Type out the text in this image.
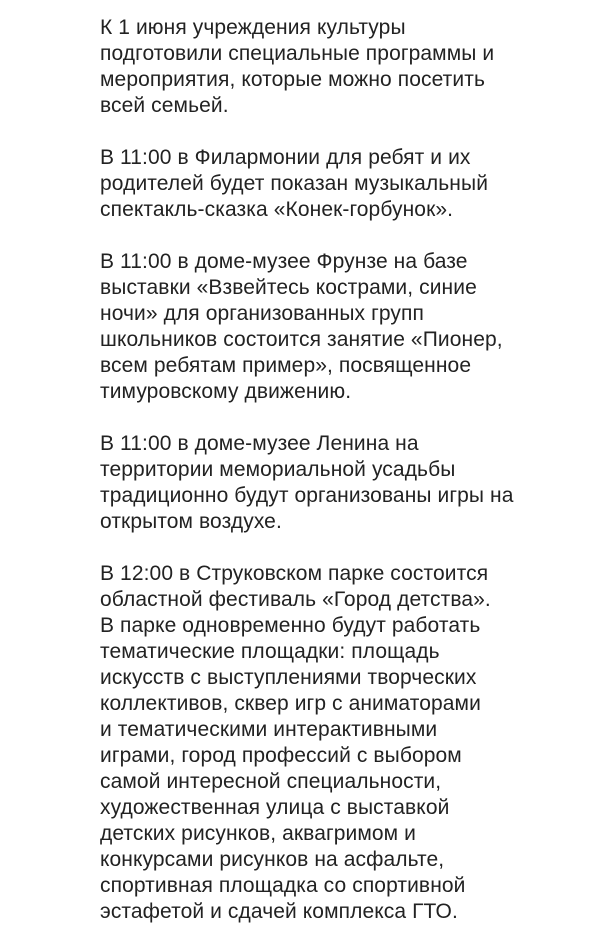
К 1 июня учреждения культуры
подготовили специальные программы и
мероприятия, которые можно посетить
всей семьей.

В 11:00 в Филармонии для ребят и их
родителей будет показан музыкальный
спектакль-сказка «Конек-горбунок».

В 11:00 в доме-музее Фрунзе на базе
выставки «Взвейтесь кострами, синие
ночи» для организованных групп
школьников состоится занятие «Пионер,
всем ребятам пример», посвященное
тимуровскому движению.

В 11:00 в доме-музее Ленина на
территории мемориальной усадьбы
традиционно будут организованы игры на
открытом воздухе.

В 12:00 в Струковском парке состоится
областной фестиваль «Город детства».
В парке одновременно будут работать
тематические площадки: площадь
искусств с выступлениями творческих
коллективов, сквер игр с аниматорами
и тематическими интерактивными
играми, город профессий с выбором
самой интересной специальности,
художественная улица с выставкой
детских рисунков, аквагримом и
конкурсами рисунков на асфальте,
спортивная площадка со спортивной
эстафетой и сдачей комплекса ГТО.
